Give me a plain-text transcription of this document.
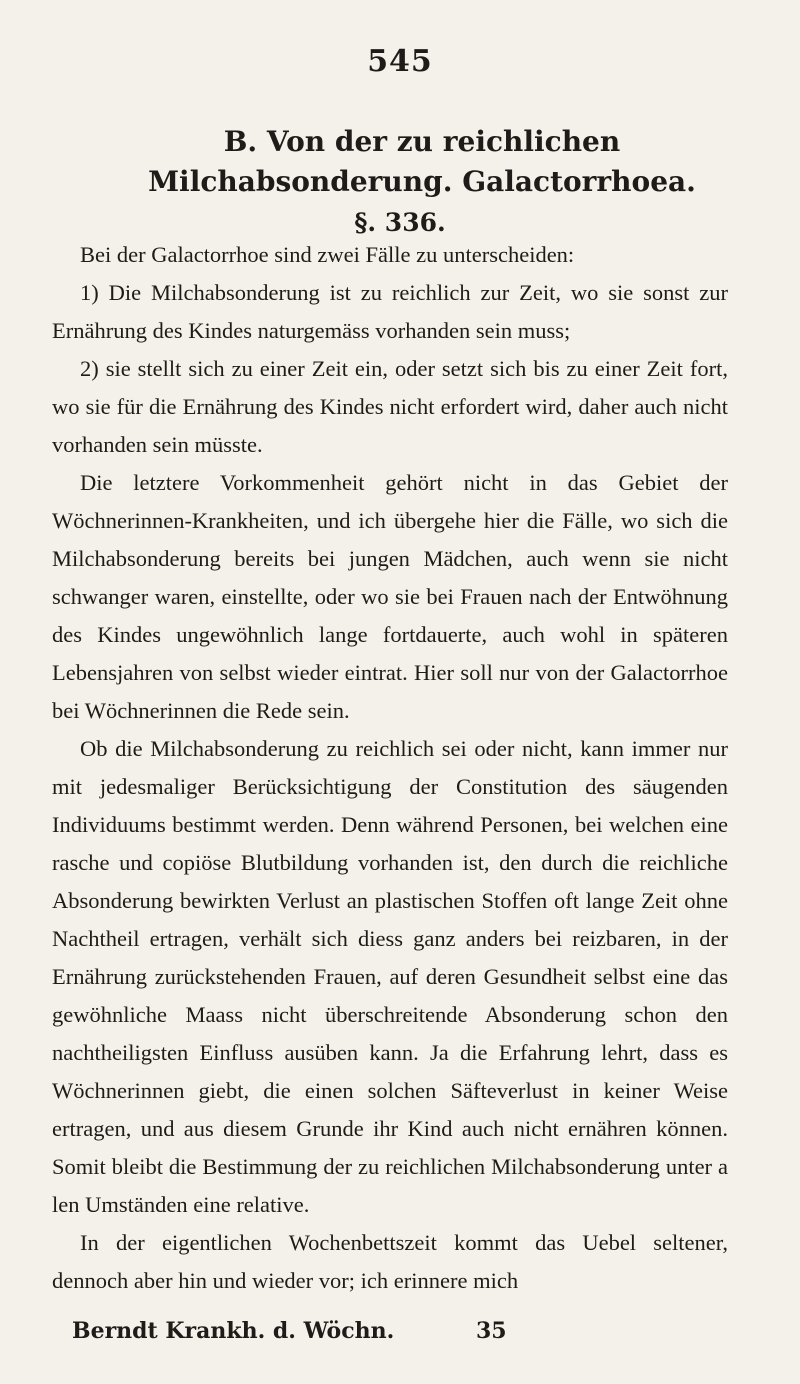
545
B. Von der zu reichlichen Milchabsonderung. Galactorrhoea.
§. 336.

Bei der Galactorrhoe sind zwei Fälle zu unterscheiden:

1) Die Milchabsonderung ist zu reichlich zur Zeit, wo sie sonst zur Ernährung des Kindes naturgemäss vorhanden sein muss;

2) sie stellt sich zu einer Zeit ein, oder setzt sich bis zu einer Zeit fort, wo sie für die Ernährung des Kindes nicht erfordert wird, daher auch nicht vorhanden sein müsste.

Die letztere Vorkommenheit gehört nicht in das Gebiet der Wöchnerinnen-Krankheiten, und ich übergehe hier die Fälle, wo sich die Milchabsonderung bereits bei jungen Mädchen, auch wenn sie nicht schwanger waren, einstellte, oder wo sie bei Frauen nach der Entwöhnung des Kindes ungewöhnlich lange fortdauerte, auch wohl in späteren Lebensjahren von selbst wieder eintrat. Hier soll nur von der Galactorrhoe bei Wöchnerinnen die Rede sein.

Ob die Milchabsonderung zu reichlich sei oder nicht, kann immer nur mit jedesmaliger Berücksichtigung der Constitution des säugenden Individuums bestimmt werden. Denn während Personen, bei welchen eine rasche und copiöse Blutbildung vorhanden ist, den durch die reichliche Absonderung bewirkten Verlust an plastischen Stoffen oft lange Zeit ohne Nachtheil ertragen, verhält sich diess ganz anders bei reizbaren, in der Ernährung zurückstehenden Frauen, auf deren Gesundheit selbst eine das gewöhnliche Maass nicht überschreitende Absonderung schon den nachtheiligsten Einfluss ausüben kann. Ja die Erfahrung lehrt, dass es Wöchnerinnen giebt, die einen solchen Säfteverlust in keiner Weise ertragen, und aus diesem Grunde ihr Kind auch nicht ernähren können. Somit bleibt die Bestimmung der zu reichlichen Milchabsonderung unter a len Umständen eine relative.

In der eigentlichen Wochenbettszeit kommt das Uebel seltener, dennoch aber hin und wieder vor; ich erinnere mich

Berndt Krankh. d. Wöchn.	35
